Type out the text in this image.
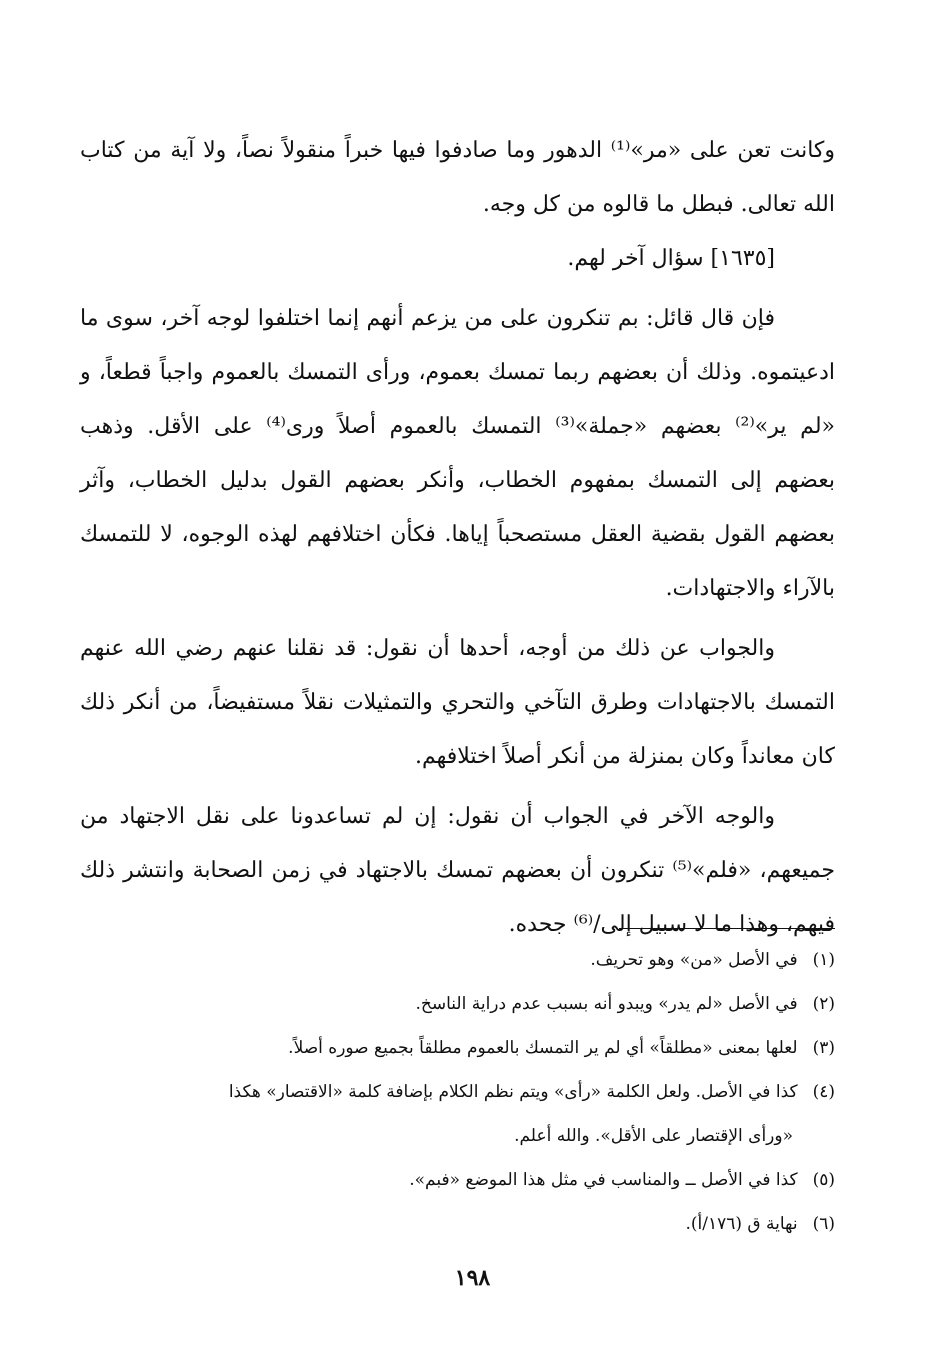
وكانت تعن على «مر»⁽¹⁾ الدهور وما صادفوا فيها خبراً منقولاً نصاً، ولا آية من كتاب الله تعالى. فبطل ما قالوه من كل وجه.

[١٦٣٥] سؤال آخر لهم.

فإن قال قائل: بم تنكرون على من يزعم أنهم إنما اختلفوا لوجه آخر، سوى ما ادعيتموه. وذلك أن بعضهم ربما تمسك بعموم، ورأى التمسك بالعموم واجباً قطعاً، و «لم ير»⁽²⁾ بعضهم «جملة»⁽³⁾ التمسك بالعموم أصلاً ورى⁽⁴⁾ على الأقل. وذهب بعضهم إلى التمسك بمفهوم الخطاب، وأنكر بعضهم القول بدليل الخطاب، وآثر بعضهم القول بقضية العقل مستصحباً إياها. فكأن اختلافهم لهذه الوجوه، لا للتمسك بالآراء والاجتهادات.

والجواب عن ذلك من أوجه، أحدها أن نقول: قد نقلنا عنهم رضي الله عنهم التمسك بالاجتهادات وطرق التآخي والتحري والتمثيلات نقلاً مستفيضاً، من أنكر ذلك كان معانداً وكان بمنزلة من أنكر أصلاً اختلافهم.

والوجه الآخر في الجواب أن نقول: إن لم تساعدونا على نقل الاجتهاد من جميعهم، «فلم»⁽⁵⁾ تنكرون أن بعضهم تمسك بالاجتهاد في زمن الصحابة وانتشر ذلك فيهم، وهذا ما لا سبيل إلى/⁽⁶⁾ جحده.

(١) في الأصل «من» وهو تحريف.

(٢) في الأصل «لم يدر» ويبدو أنه بسبب عدم دراية الناسخ.

(٣) لعلها بمعنى «مطلقاً» أي لم ير التمسك بالعموم مطلقاً بجميع صوره أصلاً.

(٤) كذا في الأصل. ولعل الكلمة «رأى» ويتم نظم الكلام بإضافة كلمة «الاقتصار» هكذا

«ورأى الإقتصار على الأقل». والله أعلم.

(٥) كذا في الأصل ــ والمناسب في مثل هذا الموضع «فبم».

(٦) نهاية ق (١٧٦/أ).

١٩٨
